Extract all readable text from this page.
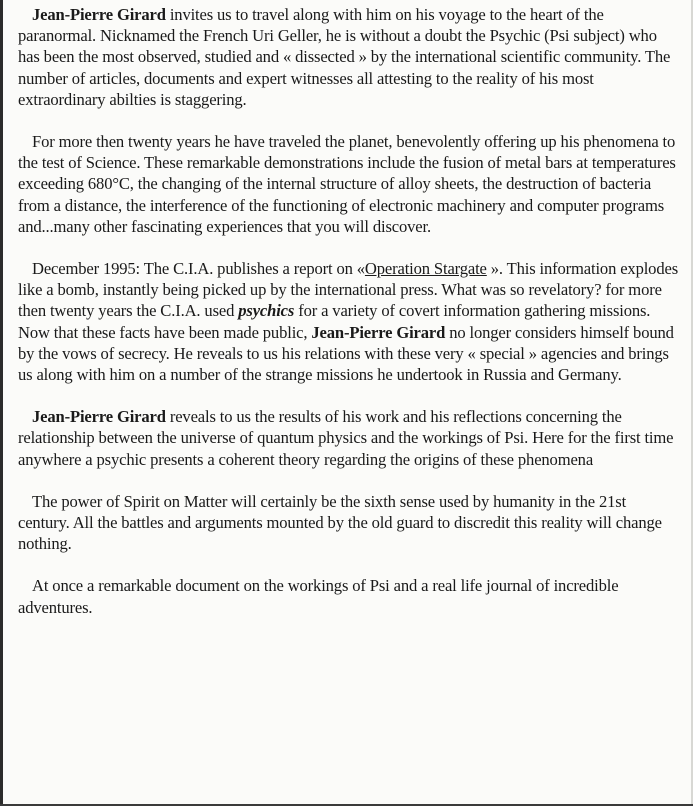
Jean-Pierre Girard invites us to travel along with him on his voyage to the heart of the paranormal. Nicknamed the French Uri Geller, he is without a doubt the Psychic (Psi subject) who has been the most observed, studied and « dissected » by the international scientific community. The number of articles, documents and expert witnesses all attesting to the reality of his most extraordinary abilties is staggering.

For more then twenty years he have traveled the planet, benevolently offering up his phenomena to the test of Science. These remarkable demonstrations include the fusion of metal bars at temperatures exceeding 680°C, the changing of the internal structure of alloy sheets, the destruction of bacteria from a distance, the interference of the functioning of electronic machinery and computer programs and...many other fascinating experiences that you will discover.

December 1995: The C.I.A. publishes a report on «Operation Stargate ». This information explodes like a bomb, instantly being picked up by the international press. What was so revelatory? for more then twenty years the C.I.A. used psychics for a variety of covert information gathering missions. Now that these facts have been made public, Jean-Pierre Girard no longer considers himself bound by the vows of secrecy. He reveals to us his relations with these very « special » agencies and brings us along with him on a number of the strange missions he undertook in Russia and Germany.

Jean-Pierre Girard reveals to us the results of his work and his reflections concerning the relationship between the universe of quantum physics and the workings of Psi. Here for the first time anywhere a psychic presents a coherent theory regarding the origins of these phenomena

The power of Spirit on Matter will certainly be the sixth sense used by humanity in the 21st century. All the battles and arguments mounted by the old guard to discredit this reality will change nothing.

At once a remarkable document on the workings of Psi and a real life journal of incredible adventures.
